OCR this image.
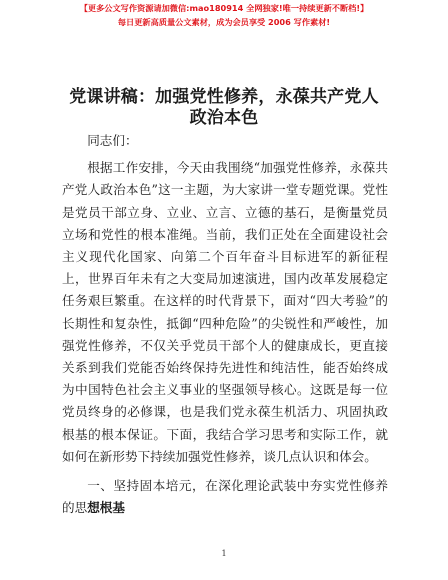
【更多公文写作资源请加微信:mao180914 全网独家!唯一持续更新不断档!】
每日更新高质量公文素材，成为会员享受 2006 写作素材!
党课讲稿：加强党性修养，永葆共产党人政治本色

同志们：

根据工作安排，今天由我围绕“加强党性修养，永葆共产党人政治本色”这一主题，为大家讲一堂专题党课。党性是党员干部立身、立业、立言、立德的基石，是衡量党员立场和党性的根本准绳。当前，我们正处在全面建设社会主义现代化国家、向第二个百年奋斗目标进军的新征程上，世界百年未有之大变局加速演进，国内改革发展稳定任务艰巨繁重。在这样的时代背景下，面对“四大考验”的长期性和复杂性，抵御“四种危险”的尖锐性和严峻性，加强党性修养，不仅关乎党员干部个人的健康成长，更直接关系到我们党能否始终保持先进性和纯洁性，能否始终成为中国特色社会主义事业的坚强领导核心。这既是每一位党员终身的必修课，也是我们党永葆生机活力、巩固执政根基的根本保证。下面，我结合学习思考和实际工作，就如何在新形势下持续加强党性修养，谈几点认识和体会。

一、坚持固本培元，在深化理论武装中夯实党性修养的思想根基

1
